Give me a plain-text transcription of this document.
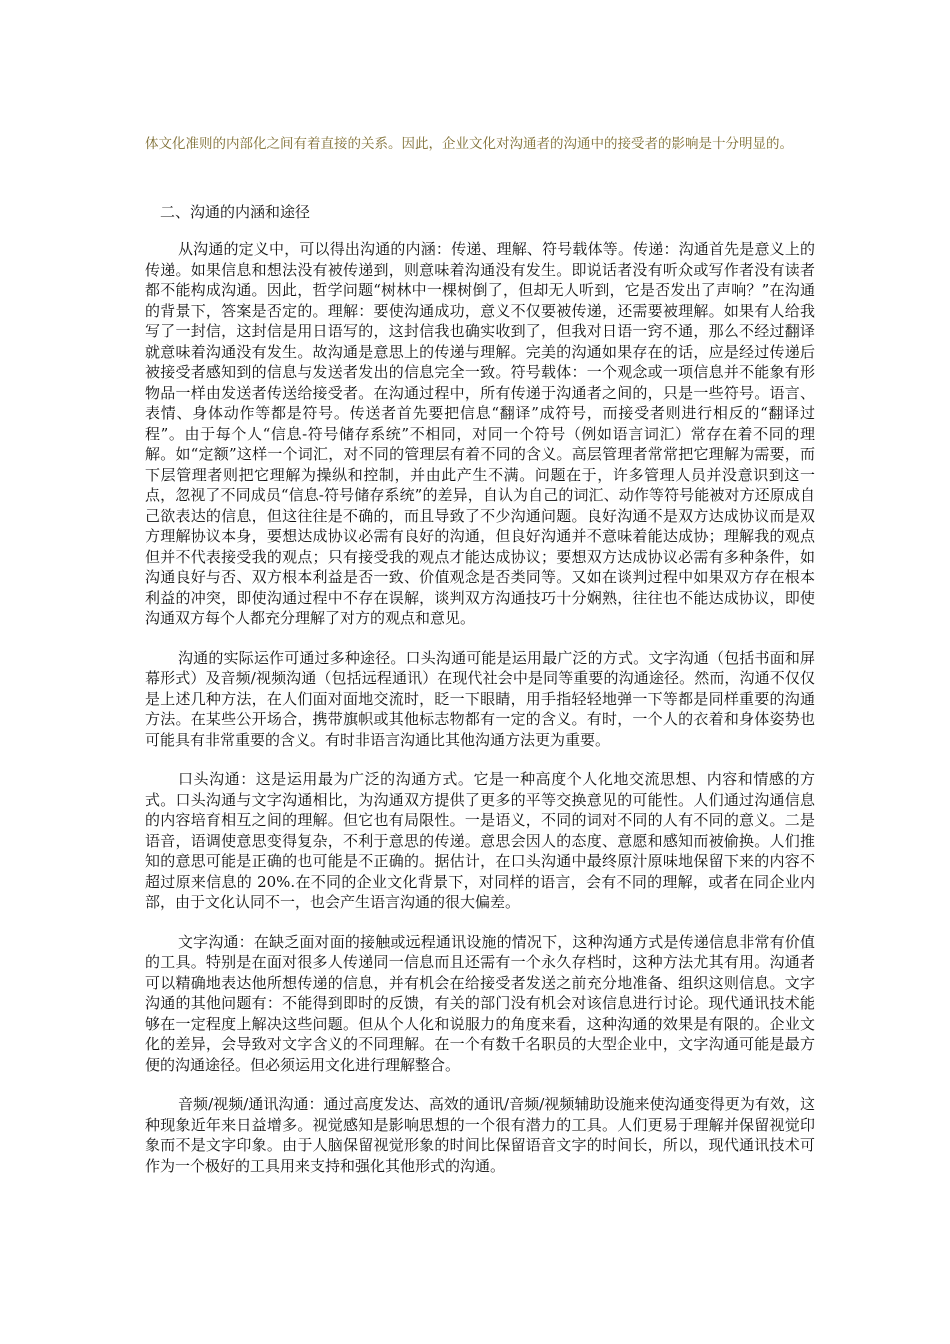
体文化准则的内部化之间有着直接的关系。因此，企业文化对沟通者的沟通中的接受者的影响是十分明显的。

二、沟通的内涵和途径

从沟通的定义中，可以得出沟通的内涵：传递、理解、符号载体等。传递：沟通首先是意义上的传递。如果信息和想法没有被传递到，则意味着沟通没有发生。即说话者没有听众或写作者没有读者都不能构成沟通。因此，哲学问题“树林中一棵树倒了，但却无人听到，它是否发出了声响？”在沟通的背景下，答案是否定的。理解：要使沟通成功，意义不仅要被传递，还需要被理解。如果有人给我写了一封信，这封信是用日语写的，这封信我也确实收到了，但我对日语一窍不通，那么不经过翻译就意味着沟通没有发生。故沟通是意思上的传递与理解。完美的沟通如果存在的话，应是经过传递后被接受者感知到的信息与发送者发出的信息完全一致。符号载体：一个观念或一项信息并不能象有形物品一样由发送者传送给接受者。在沟通过程中，所有传递于沟通者之间的，只是一些符号。语言、表情、身体动作等都是符号。传送者首先要把信息“翻译”成符号，而接受者则进行相反的“翻译过程”。由于每个人“信息-符号储存系统”不相同，对同一个符号（例如语言词汇）常存在着不同的理解。如“定额”这样一个词汇，对不同的管理层有着不同的含义。高层管理者常常把它理解为需要，而下层管理者则把它理解为操纵和控制，并由此产生不满。问题在于，许多管理人员并没意识到这一点，忽视了不同成员“信息-符号储存系统”的差异，自认为自己的词汇、动作等符号能被对方还原成自己欲表达的信息，但这往往是不确的，而且导致了不少沟通问题。良好沟通不是双方达成协议而是双方理解协议本身，要想达成协议必需有良好的沟通，但良好沟通并不意味着能达成协；理解我的观点但并不代表接受我的观点；只有接受我的观点才能达成协议；要想双方达成协议必需有多种条件，如沟通良好与否、双方根本利益是否一致、价值观念是否类同等。又如在谈判过程中如果双方存在根本利益的冲突，即使沟通过程中不存在误解，谈判双方沟通技巧十分娴熟，往往也不能达成协议，即使沟通双方每个人都充分理解了对方的观点和意见。

沟通的实际运作可通过多种途径。口头沟通可能是运用最广泛的方式。文字沟通（包括书面和屏幕形式）及音频/视频沟通（包括远程通讯）在现代社会中是同等重要的沟通途径。然而，沟通不仅仅是上述几种方法，在人们面对面地交流时，眨一下眼睛，用手指轻轻地弹一下等都是同样重要的沟通方法。在某些公开场合，携带旗帜或其他标志物都有一定的含义。有时，一个人的衣着和身体姿势也可能具有非常重要的含义。有时非语言沟通比其他沟通方法更为重要。

口头沟通：这是运用最为广泛的沟通方式。它是一种高度个人化地交流思想、内容和情感的方式。口头沟通与文字沟通相比，为沟通双方提供了更多的平等交换意见的可能性。人们通过沟通信息的内容培育相互之间的理解。但它也有局限性。一是语义，不同的词对不同的人有不同的意义。二是语音，语调使意思变得复杂，不利于意思的传递。意思会因人的态度、意愿和感知而被偷换。人们推知的意思可能是正确的也可能是不正确的。据估计，在口头沟通中最终原汁原味地保留下来的内容不超过原来信息的 20%.在不同的企业文化背景下，对同样的语言，会有不同的理解，或者在同企业内部，由于文化认同不一，也会产生语言沟通的很大偏差。

文字沟通：在缺乏面对面的接触或远程通讯设施的情况下，这种沟通方式是传递信息非常有价值的工具。特别是在面对很多人传递同一信息而且还需有一个永久存档时，这种方法尤其有用。沟通者可以精确地表达他所想传递的信息，并有机会在给接受者发送之前充分地准备、组织这则信息。文字沟通的其他问题有：不能得到即时的反馈，有关的部门没有机会对该信息进行讨论。现代通讯技术能够在一定程度上解决这些问题。但从个人化和说服力的角度来看，这种沟通的效果是有限的。企业文化的差异，会导致对文字含义的不同理解。在一个有数千名职员的大型企业中，文字沟通可能是最方便的沟通途径。但必须运用文化进行理解整合。

音频/视频/通讯沟通：通过高度发达、高效的通讯/音频/视频辅助设施来使沟通变得更为有效，这种现象近年来日益增多。视觉感知是影响思想的一个很有潜力的工具。人们更易于理解并保留视觉印象而不是文字印象。由于人脑保留视觉形象的时间比保留语音文字的时间长，所以，现代通讯技术可作为一个极好的工具用来支持和强化其他形式的沟通。
